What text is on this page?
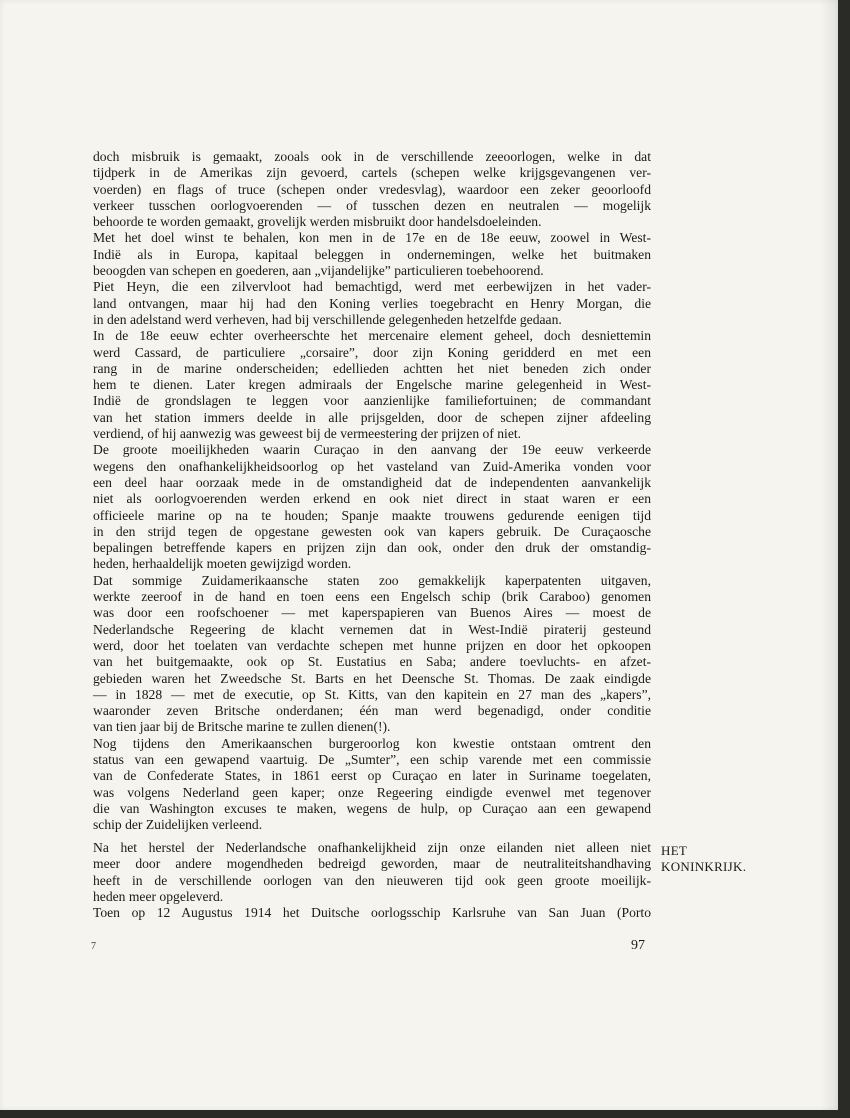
doch misbruik is gemaakt, zooals ook in de verschillende zeeoorlogen, welke in dat
tijdperk in de Amerikas zijn gevoerd, cartels (schepen welke krijgsgevangenen ver-
voerden) en flags of truce (schepen onder vredesvlag), waardoor een zeker geoorloofd
verkeer tusschen oorlogvoerenden — of tusschen dezen en neutralen — mogelijk
behoorde te worden gemaakt, grovelijk werden misbruikt door handelsdoeleinden.
Met het doel winst te behalen, kon men in de 17e en de 18e eeuw, zoowel in West-
Indië als in Europa, kapitaal beleggen in ondernemingen, welke het buitmaken
beoogden van schepen en goederen, aan „vijandelijke” particulieren toebehoorend.
Piet Heyn, die een zilvervloot had bemachtigd, werd met eerbewijzen in het vader-
land ontvangen, maar hij had den Koning verlies toegebracht en Henry Morgan, die
in den adelstand werd verheven, had bij verschillende gelegenheden hetzelfde gedaan.
In de 18e eeuw echter overheerschte het mercenaire element geheel, doch desniettemin
werd Cassard, de particuliere „corsaire”, door zijn Koning geridderd en met een
rang in de marine onderscheiden; edellieden achtten het niet beneden zich onder
hem te dienen. Later kregen admiraals der Engelsche marine gelegenheid in West-
Indië de grondslagen te leggen voor aanzienlijke familiefortuinen; de commandant
van het station immers deelde in alle prijsgelden, door de schepen zijner afdeeling
verdiend, of hij aanwezig was geweest bij de vermeestering der prijzen of niet.
De groote moeilijkheden waarin Curaçao in den aanvang der 19e eeuw verkeerde
wegens den onafhankelijkheidsoorlog op het vasteland van Zuid-Amerika vonden voor
een deel haar oorzaak mede in de omstandigheid dat de independenten aanvankelijk
niet als oorlogvoerenden werden erkend en ook niet direct in staat waren er een
officieele marine op na te houden; Spanje maakte trouwens gedurende eenigen tijd
in den strijd tegen de opgestane gewesten ook van kapers gebruik. De Curaçaosche
bepalingen betreffende kapers en prijzen zijn dan ook, onder den druk der omstandig-
heden, herhaaldelijk moeten gewijzigd worden.
Dat sommige Zuidamerikaansche staten zoo gemakkelijk kaperpatenten uitgaven,
werkte zeeroof in de hand en toen eens een Engelsch schip (brik Caraboo) genomen
was door een roofschoener — met kaperspapieren van Buenos Aires — moest de
Nederlandsche Regeering de klacht vernemen dat in West-Indië piraterij gesteund
werd, door het toelaten van verdachte schepen met hunne prijzen en door het opkoopen
van het buitgemaakte, ook op St. Eustatius en Saba; andere toevluchts- en afzet-
gebieden waren het Zweedsche St. Barts en het Deensche St. Thomas. De zaak eindigde
— in 1828 — met de executie, op St. Kitts, van den kapitein en 27 man des „kapers”,
waaronder zeven Britsche onderdanen; één man werd begenadigd, onder conditie
van tien jaar bij de Britsche marine te zullen dienen(!).
Nog tijdens den Amerikaanschen burgeroorlog kon kwestie ontstaan omtrent den
status van een gewapend vaartuig. De „Sumter”, een schip varende met een commissie
van de Confederate States, in 1861 eerst op Curaçao en later in Suriname toegelaten,
was volgens Nederland geen kaper; onze Regeering eindigde evenwel met tegenover
die van Washington excuses te maken, wegens de hulp, op Curaçao aan een gewapend
schip der Zuidelijken verleend.
Na het herstel der Nederlandsche onafhankelijkheid zijn onze eilanden niet alleen niet
meer door andere mogendheden bedreigd geworden, maar de neutraliteitshandhaving
heeft in de verschillende oorlogen van den nieuweren tijd ook geen groote moeilijk-
heden meer opgeleverd.
Toen op 12 Augustus 1914 het Duitsche oorlogsschip Karlsruhe van San Juan (Porto
HET
KONINKRIJK.
7	97
